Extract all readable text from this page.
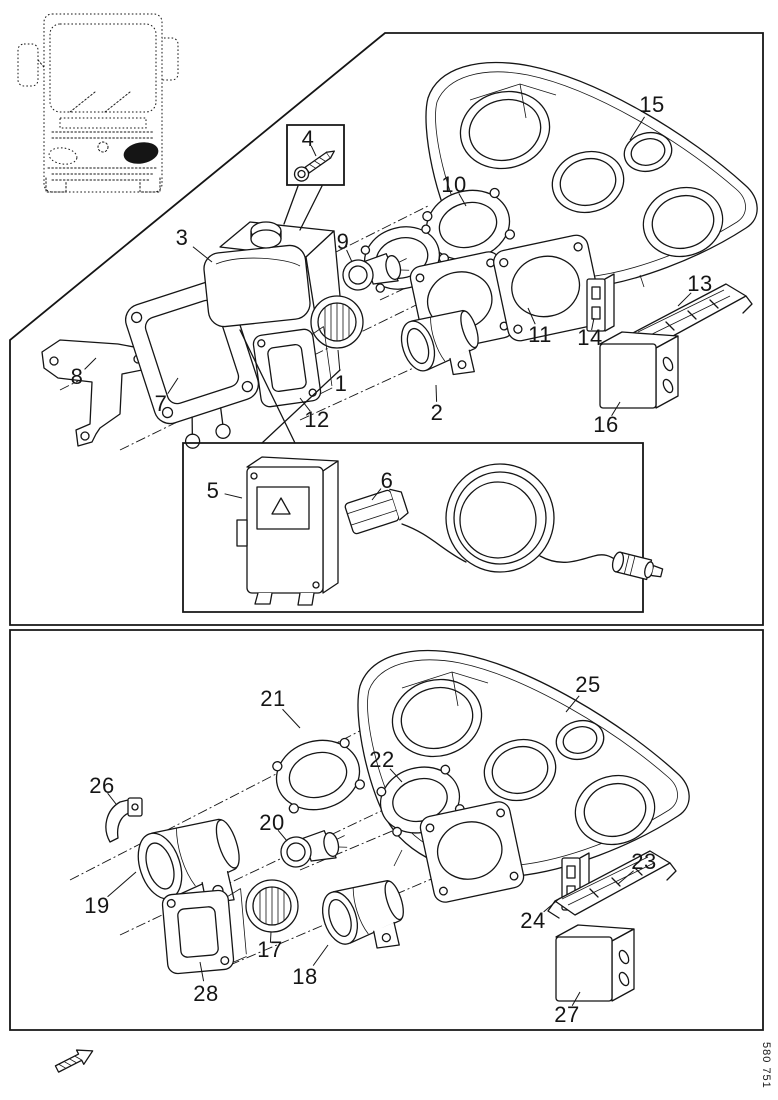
1
2
3
4
5	6
7
8
9
10
11
12
13
14
15
16
17
18
19
20
21
22
23
24
25
26
27
28
580 751
